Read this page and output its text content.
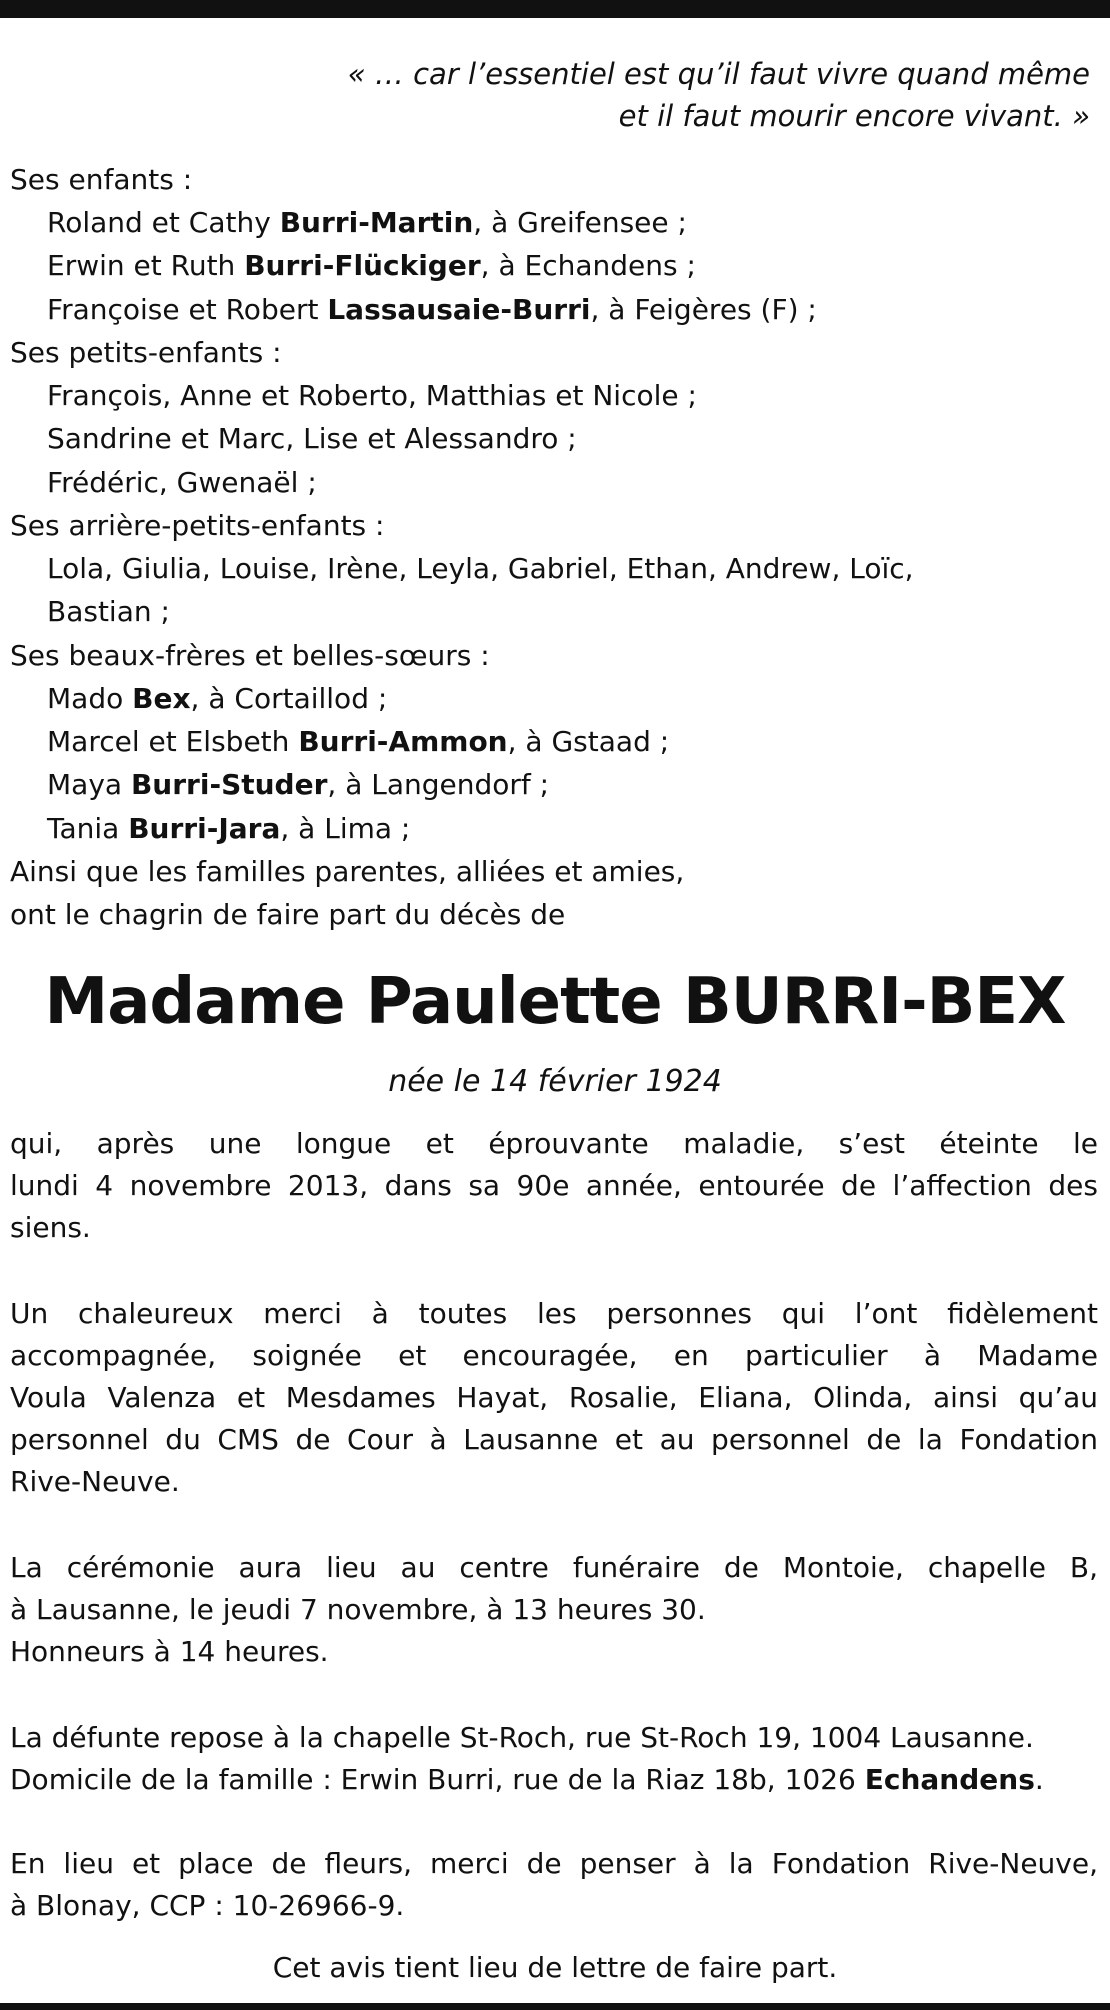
« … car l’essentiel est qu’il faut vivre quand même
et il faut mourir encore vivant. »
Ses enfants :
Roland et Cathy Burri-Martin, à Greifensee ;
Erwin et Ruth Burri-Flückiger, à Echandens ;
Françoise et Robert Lassausaie-Burri, à Feigères (F) ;
Ses petits-enfants :
François, Anne et Roberto, Matthias et Nicole ;
Sandrine et Marc, Lise et Alessandro ;
Frédéric, Gwenaël ;
Ses arrière-petits-enfants :
Lola, Giulia, Louise, Irène, Leyla, Gabriel, Ethan, Andrew, Loïc,
Bastian ;
Ses beaux-frères et belles-sœurs :
Mado Bex, à Cortaillod ;
Marcel et Elsbeth Burri-Ammon, à Gstaad ;
Maya Burri-Studer, à Langendorf ;
Tania Burri-Jara, à Lima ;
Ainsi que les familles parentes, alliées et amies,
ont le chagrin de faire part du décès de
Madame Paulette BURRI-BEX
née le 14 février 1924
qui, après une longue et éprouvante maladie, s’est éteinte le
lundi 4 novembre 2013, dans sa 90e année, entourée de l’affection des
siens.
Un chaleureux merci à toutes les personnes qui l’ont fidèlement
accompagnée, soignée et encouragée, en particulier à Madame
Voula Valenza et Mesdames Hayat, Rosalie, Eliana, Olinda, ainsi qu’au
personnel du CMS de Cour à Lausanne et au personnel de la Fondation
Rive-Neuve.
La cérémonie aura lieu au centre funéraire de Montoie, chapelle B,
à Lausanne, le jeudi 7 novembre, à 13 heures 30.
Honneurs à 14 heures.
La défunte repose à la chapelle St-Roch, rue St-Roch 19, 1004 Lausanne.
Domicile de la famille : Erwin Burri, rue de la Riaz 18b, 1026 Echandens.
En lieu et place de fleurs, merci de penser à la Fondation Rive-Neuve,
à Blonay, CCP : 10-26966-9.
Cet avis tient lieu de lettre de faire part.
